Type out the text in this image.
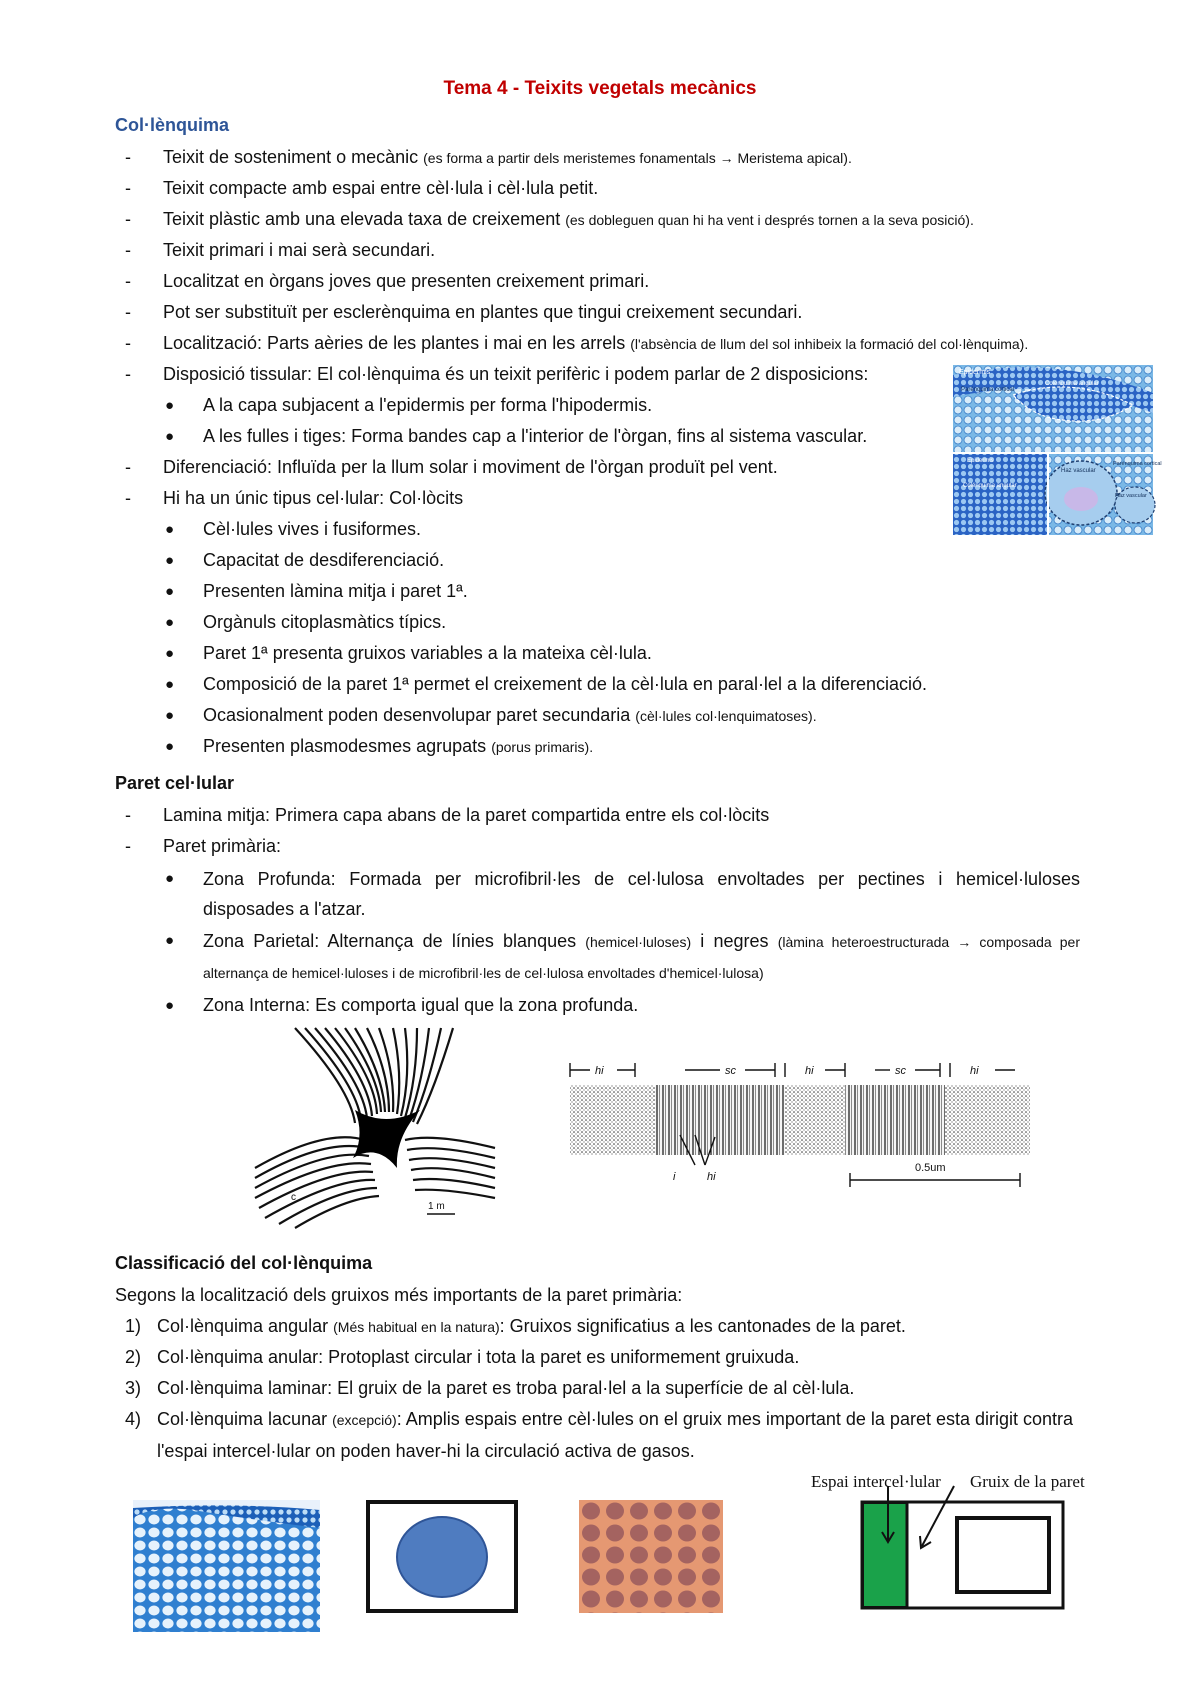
Tema 4 - Teixits vegetals mecànics
Col·lènquima
- Teixit de sosteniment o mecànic (es forma a partir dels meristemes fonamentals → Meristema apical).
- Teixit compacte amb espai entre cèl·lula i cèl·lula petit.
- Teixit plàstic amb una elevada taxa de creixement (es dobleguen quan hi ha vent i després tornen a la seva posició).
- Teixit primari i mai serà secundari.
- Localitzat en òrgans joves que presenten creixement primari.
- Pot ser substituït per esclerènquima en plantes que tingui creixement secundari.
- Localització: Parts aèries de les plantes i mai en les arrels (l'absència de llum del sol inhibeix la formació del col·lènquima).
- Disposició tissular: El col·lènquima és un teixit perifèric i podem parlar de 2 disposicions:
● A la capa subjacent a l'epidermis per forma l'hipodermis.
● A les fulles i tiges: Forma bandes cap a l'interior de l'òrgan, fins al sistema vascular.
- Diferenciació: Influïda per la llum solar i moviment de l'òrgan produït pel vent.
- Hi ha un únic tipus cel·lular: Col·lòcits
● Cèl·lules vives i fusiformes.
● Capacitat de desdiferenciació.
● Presenten làmina mitja i paret 1ª.
● Orgànuls citoplasmàtics típics.
● Paret 1ª presenta gruixos variables a la mateixa cèl·lula.
● Composició de la paret 1ª permet el creixement de la cèl·lula en paral·lel a la diferenciació.
● Ocasionalment poden desenvolupar paret secundaria (cèl·lules col·lenquimatoses).
● Presenten plasmodesmes agrupats (porus primaris).
Epidermis
Parénquima cortical
Colénquima angular
Epidermis
Haz vascular
Colénquima angular
Parénquima cortical
Haz vascular
Paret cel·lular
- Lamina mitja: Primera capa abans de la paret compartida entre els col·lòcits
- Paret primària:
● Zona Profunda: Formada per microfibril·les de cel·lulosa envoltades per pectines i hemicel·luloses disposades a l'atzar.
● Zona Parietal: Alternança de línies blanques (hemicel·luloses) i negres (làmina heteroestructurada → composada per alternança de hemicel·luloses i de microfibril·les de cel·lulosa envoltades d'hemicel·lulosa)
● Zona Interna: Es comporta igual que la zona profunda.
c
1 m
hi	sc	hi	sc	hi
i	hi
0.5um
Classificació del col·lènquima
Segons la localització dels gruixos més importants de la paret primària:
1) Col·lènquima angular (Més habitual en la natura): Gruixos significatius a les cantonades de la paret.
2) Col·lènquima anular: Protoplast circular i tota la paret es uniformement gruixuda.
3) Col·lènquima laminar: El gruix de la paret es troba paral·lel a la superfície de al cèl·lula.
4) Col·lènquima lacunar (excepció): Amplis espais entre cèl·lules on el gruix mes important de la paret esta dirigit contra l'espai intercel·lular on poden haver-hi la circulació activa de gasos.
Espai intercel·lular Gruix de la paret
